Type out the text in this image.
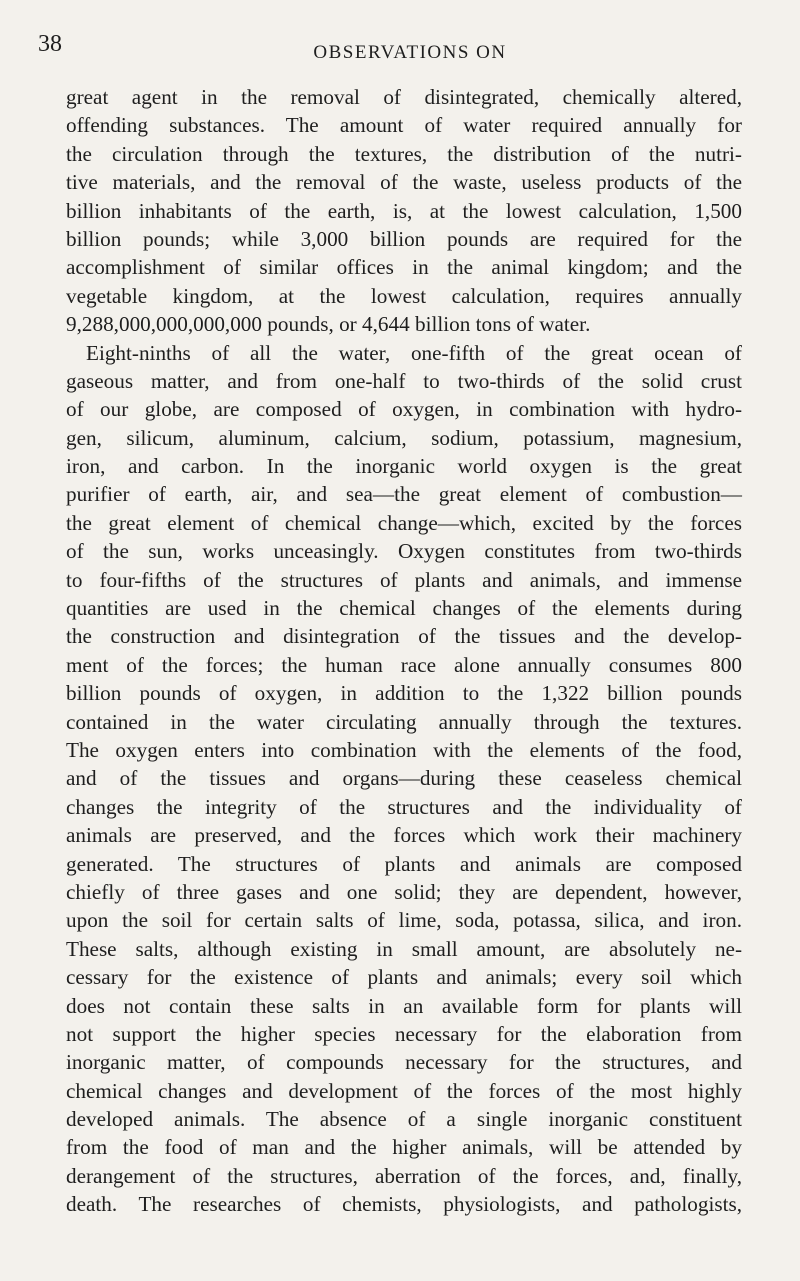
38	OBSERVATIONS ON
great agent in the removal of disintegrated, chemically altered,
offending substances. The amount of water required annually for
the circulation through the textures, the distribution of the nutri-
tive materials, and the removal of the waste, useless products of the
billion inhabitants of the earth, is, at the lowest calculation, 1,500
billion pounds; while 3,000 billion pounds are required for the
accomplishment of similar offices in the animal kingdom; and the
vegetable kingdom, at the lowest calculation, requires annually
9,288,000,000,000,000 pounds, or 4,644 billion tons of water.
Eight-ninths of all the water, one-fifth of the great ocean of
gaseous matter, and from one-half to two-thirds of the solid crust
of our globe, are composed of oxygen, in combination with hydro-
gen, silicum, aluminum, calcium, sodium, potassium, magnesium,
iron, and carbon. In the inorganic world oxygen is the great
purifier of earth, air, and sea—the great element of combustion—
the great element of chemical change—which, excited by the forces
of the sun, works unceasingly. Oxygen constitutes from two-thirds
to four-fifths of the structures of plants and animals, and immense
quantities are used in the chemical changes of the elements during
the construction and disintegration of the tissues and the develop-
ment of the forces; the human race alone annually consumes 800
billion pounds of oxygen, in addition to the 1,322 billion pounds
contained in the water circulating annually through the textures.
The oxygen enters into combination with the elements of the food,
and of the tissues and organs—during these ceaseless chemical
changes the integrity of the structures and the individuality of
animals are preserved, and the forces which work their machinery
generated. The structures of plants and animals are composed
chiefly of three gases and one solid; they are dependent, however,
upon the soil for certain salts of lime, soda, potassa, silica, and iron.
These salts, although existing in small amount, are absolutely ne-
cessary for the existence of plants and animals; every soil which
does not contain these salts in an available form for plants will
not support the higher species necessary for the elaboration from
inorganic matter, of compounds necessary for the structures, and
chemical changes and development of the forces of the most highly
developed animals. The absence of a single inorganic constituent
from the food of man and the higher animals, will be attended by
derangement of the structures, aberration of the forces, and, finally,
death. The researches of chemists, physiologists, and pathologists,
